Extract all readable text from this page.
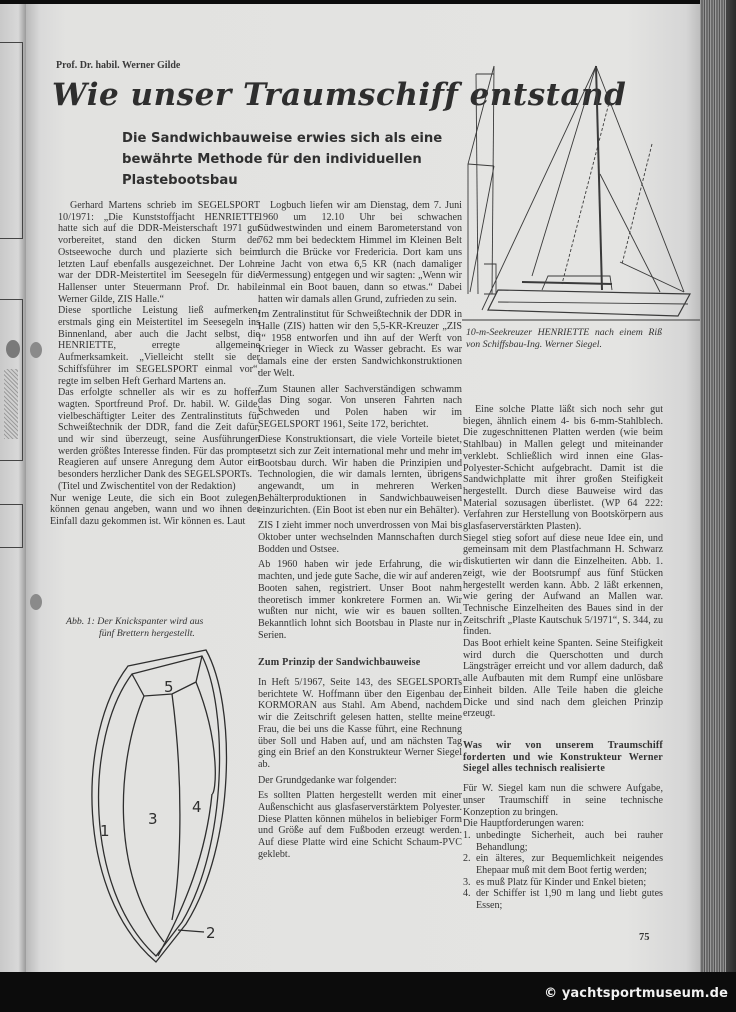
Prof. Dr. habil. Werner Gilde
Wie unser Traumschiff entstand
Die Sandwichbauweise erwies sich als eine bewährte Methode für den individuellen Plastebootsbau

Gerhard Martens schrieb im SEGELSPORT 10/1971: „Die Kunststoffjacht HENRIETTE hatte sich auf die DDR-Meisterschaft 1971 gut vorbereitet, stand den dicken Sturm der Ostseewoche durch und plazierte sich beim letzten Lauf ebenfalls ausgezeichnet. Der Lohn war der DDR-Meistertitel im Seesegeln für die Hallenser unter Steuermann Prof. Dr. habil. Werner Gilde, ZIS Halle.“

Diese sportliche Leistung ließ aufmerken, erstmals ging ein Meistertitel im Seesegeln ins Binnenland, aber auch die Jacht selbst, die HENRIETTE, erregte allgemeine Aufmerksamkeit. „Vielleicht stellt sie der Schiffsführer im SEGELSPORT einmal vor“, regte im selben Heft Gerhard Martens an.

Das erfolgte schneller als wir es zu hoffen wagten. Sportfreund Prof. Dr. habil. W. Gilde, vielbeschäftigter Leiter des Zentralinstituts für Schweißtechnik der DDR, fand die Zeit dafür, und wir sind überzeugt, seine Ausführungen werden größtes Interesse finden. Für das prompte Reagieren auf unsere Anregung dem Autor ein besonders herzlicher Dank des SEGELSPORTs.

(Titel und Zwischentitel von der Redaktion)

Nur wenige Leute, die sich ein Boot zulegen, können genau angeben, wann und wo ihnen der Einfall dazu gekommen ist. Wir können es. Laut

Abb. 1: Der Knickspanter wird aus
fünf Brettern hergestellt.
5
1
3
4
2

Logbuch liefen wir am Dienstag, dem 7. Juni 1960 um 12.10 Uhr bei schwachen Südwestwinden und einem Barometerstand von 762 mm bei bedecktem Himmel im Kleinen Belt durch die Brücke vor Fredericia. Dort kam uns eine Jacht von etwa 6,5 KR (nach damaliger Vermessung) entgegen und wir sagten: „Wenn wir einmal ein Boot bauen, dann so etwas.“ Dabei hatten wir damals allen Grund, zufrieden zu sein.

Im Zentralinstitut für Schweißtechnik der DDR in Halle (ZIS) hatten wir den 5,5-KR-Kreuzer „ZIS I“ 1958 entworfen und ihn auf der Werft von Krieger in Wieck zu Wasser gebracht. Es war damals eine der ersten Sandwichkonstruktionen der Welt.

Zum Staunen aller Sachverständigen schwamm das Ding sogar. Von unseren Fahrten nach Schweden und Polen haben wir im SEGELSPORT 1961, Seite 172, berichtet.

Diese Konstruktionsart, die viele Vorteile bietet, setzt sich zur Zeit international mehr und mehr im Bootsbau durch. Wir haben die Prinzipien und Technologien, die wir damals lernten, übrigens angewandt, um in mehreren Werken Behälterproduktionen in Sandwichbauweisen einzurichten. (Ein Boot ist eben nur ein Behälter).

ZIS I zieht immer noch unverdrossen von Mai bis Oktober unter wechselnden Mannschaften durch Bodden und Ostsee.

Ab 1960 haben wir jede Erfahrung, die wir machten, und jede gute Sache, die wir auf anderen Booten sahen, registriert. Unser Boot nahm theoretisch immer konkretere Formen an. Wir wußten nur nicht, wie wir es bauen sollten. Bekanntlich lohnt sich Bootsbau in Plaste nur in Serien.

Zum Prinzip der Sandwichbauweise

In Heft 5/1967, Seite 143, des SEGELSPORTs berichtete W. Hoffmann über den Eigenbau der KORMORAN aus Stahl. Am Abend, nachdem wir die Zeitschrift gelesen hatten, stellte meine Frau, die bei uns die Kasse führt, eine Rechnung über Soll und Haben auf, und am nächsten Tag ging ein Brief an den Konstrukteur Werner Siegel ab.

Der Grundgedanke war folgender:

Es sollten Platten hergestellt werden mit einer Außenschicht aus glasfaserverstärktem Polyester. Diese Platten können mühelos in beliebiger Form und Größe auf dem Fußboden erzeugt werden. Auf diese Platte wird eine Schicht Schaum-PVC geklebt.

10-m-Seekreuzer HENRIETTE nach einem Riß von Schiffsbau-Ing. Werner Siegel.

Eine solche Platte läßt sich noch sehr gut biegen, ähnlich einem 4- bis 6-mm-Stahlblech. Die zugeschnittenen Platten werden (wie beim Stahlbau) in Mallen gelegt und miteinander verklebt. Schließlich wird innen eine Glas-Polyester-Schicht aufgebracht. Damit ist die Sandwichplatte mit ihrer großen Steifigkeit hergestellt. Durch diese Bauweise wird das Material sozusagen überlistet. (WP 64 222: Verfahren zur Herstellung von Bootskörpern aus glasfaserverstärkten Plasten).

Siegel stieg sofort auf diese neue Idee ein, und gemeinsam mit dem Plastfachmann H. Schwarz diskutierten wir dann die Einzelheiten. Abb. 1. zeigt, wie der Bootsrumpf aus fünf Stücken hergestellt werden kann. Abb. 2 läßt erkennen, wie gering der Aufwand an Mallen war. Technische Einzelheiten des Baues sind in der Zeitschrift „Plaste Kautschuk 5/1971“, S. 344, zu finden.

Das Boot erhielt keine Spanten. Seine Steifigkeit wird durch die Querschotten und durch Längsträger erreicht und vor allem dadurch, daß alle Aufbauten mit dem Rumpf eine unlösbare Einheit bilden. Alle Teile haben die gleiche Dicke und sind nach dem gleichen Prinzip erzeugt.

Was wir von unserem Traumschiff forderten und wie Konstrukteur Werner Siegel alles technisch realisierte

Für W. Siegel kam nun die schwere Aufgabe, unser Traumschiff in seine technische Konzeption zu bringen.

Die Hauptforderungen waren:

1. unbedingte Sicherheit, auch bei rauher Behandlung;
2. ein älteres, zur Bequemlichkeit neigendes Ehepaar muß mit dem Boot fertig werden;
3. es muß Platz für Kinder und Enkel bieten;
4. der Schiffer ist 1,90 m lang und liebt gutes Essen;
75
© yachtsportmuseum.de
